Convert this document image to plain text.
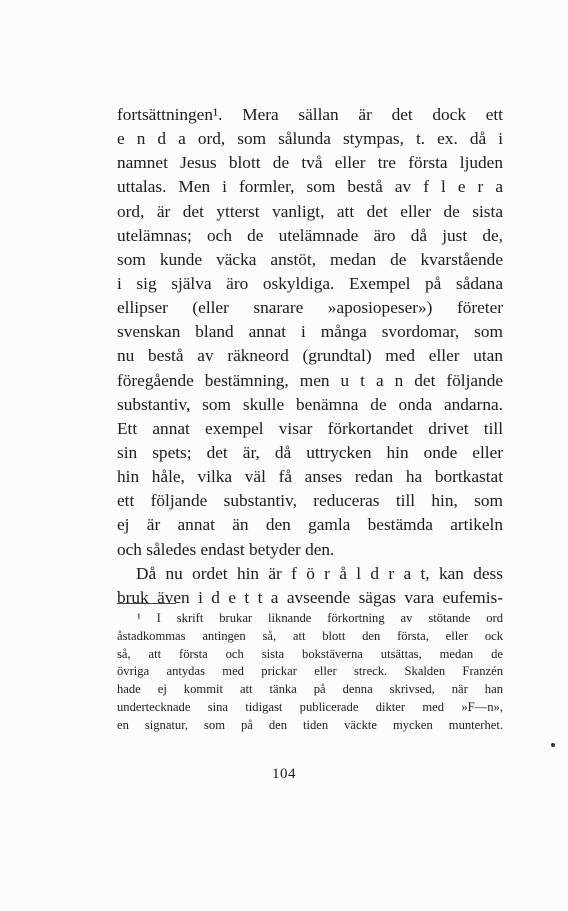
fortsättningen¹. Mera sällan är det dock ett
e n d a ord, som sålunda stympas, t. ex. då i
namnet Jesus blott de två eller tre första ljuden
uttalas. Men i formler, som bestå av f l e r a
ord, är det ytterst vanligt, att det eller de sista
utelämnas; och de utelämnade äro då just de,
som kunde väcka anstöt, medan de kvarstående
i sig själva äro oskyldiga. Exempel på sådana
ellipser (eller snarare »aposiopeser») företer
svenskan bland annat i många svordomar, som
nu bestå av räkneord (grundtal) med eller utan
föregående bestämning, men u t a n det följande
substantiv, som skulle benämna de onda andarna.
Ett annat exempel visar förkortandet drivet till
sin spets; det är, då uttrycken hin onde eller
hin håle, vilka väl få anses redan ha bortkastat
ett följande substantiv, reduceras till hin, som
ej är annat än den gamla bestämda artikeln
och således endast betyder den.
Då nu ordet hin är f ö r å l d r a t, kan dess
bruk även i d e t t a avseende sägas vara eufemis-
¹ I skrift brukar liknande förkortning av stötande ord
åstadkommas antingen så, att blott den första, eller ock
så, att första och sista bokstäverna utsättas, medan de
övriga antydas med prickar eller streck. Skalden Franzén
hade ej kommit att tänka på denna skrivsed, när han
undertecknade sina tidigast publicerade dikter med »F—n»,
en signatur, som på den tiden väckte mycken munterhet.
104
